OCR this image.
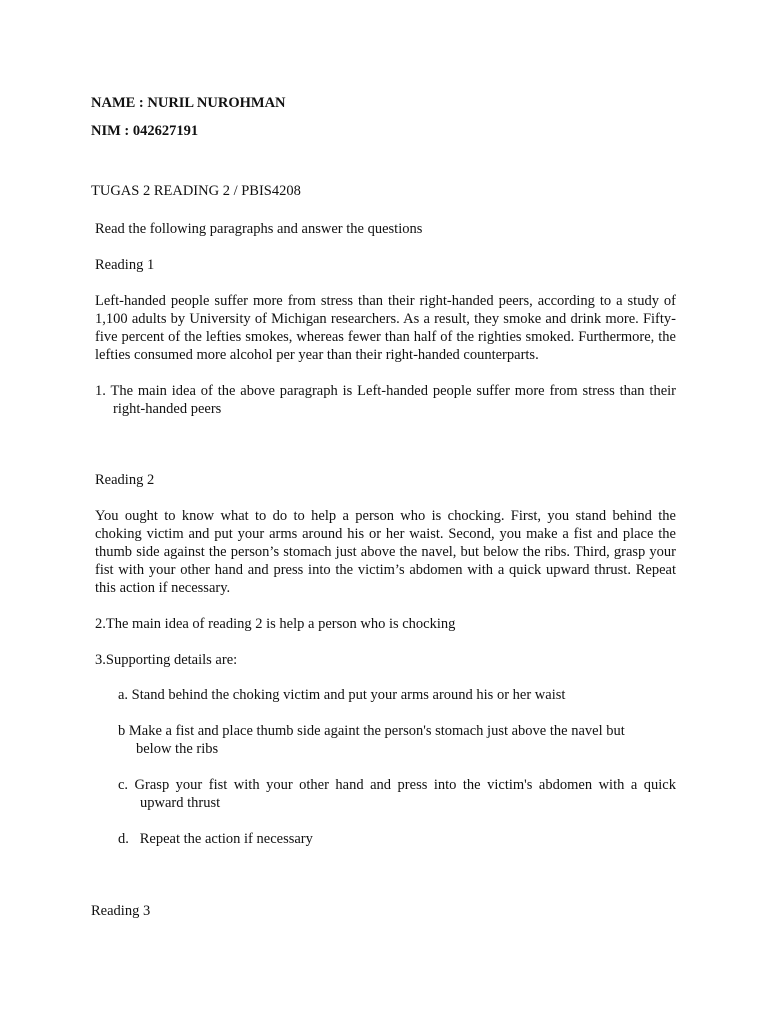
NAME : NURIL NUROHMAN

NIM : 042627191

TUGAS 2 READING 2 / PBIS4208

Read the following paragraphs and answer the questions

Reading 1

Left-handed people suffer more from stress than their right-handed peers, according to a study of 1,100 adults by University of Michigan researchers. As a result, they smoke and drink more. Fifty-five percent of the lefties smokes, whereas fewer than half of the righties smoked. Furthermore, the lefties consumed more alcohol per year than their right-handed counterparts.

1. The main idea of the above paragraph is Left-handed people suffer more from stress than their right-handed peers

Reading 2

You ought to know what to do to help a person who is chocking. First, you stand behind the choking victim and put your arms around his or her waist. Second, you make a fist and place the thumb side against the person’s stomach just above the navel, but below the ribs. Third, grasp your fist with your other hand and press into the victim’s abdomen with a quick upward thrust. Repeat this action if necessary.

2.The main idea of reading 2 is help a person who is chocking

3.Supporting details are:

a. Stand behind the choking victim and put your arms around his or her waist

b Make a fist and place thumb side againt the person's stomach just above the navel but below the ribs

c. Grasp your fist with your other hand and press into the victim's abdomen with a quick upward thrust

d.   Repeat the action if necessary

Reading 3
